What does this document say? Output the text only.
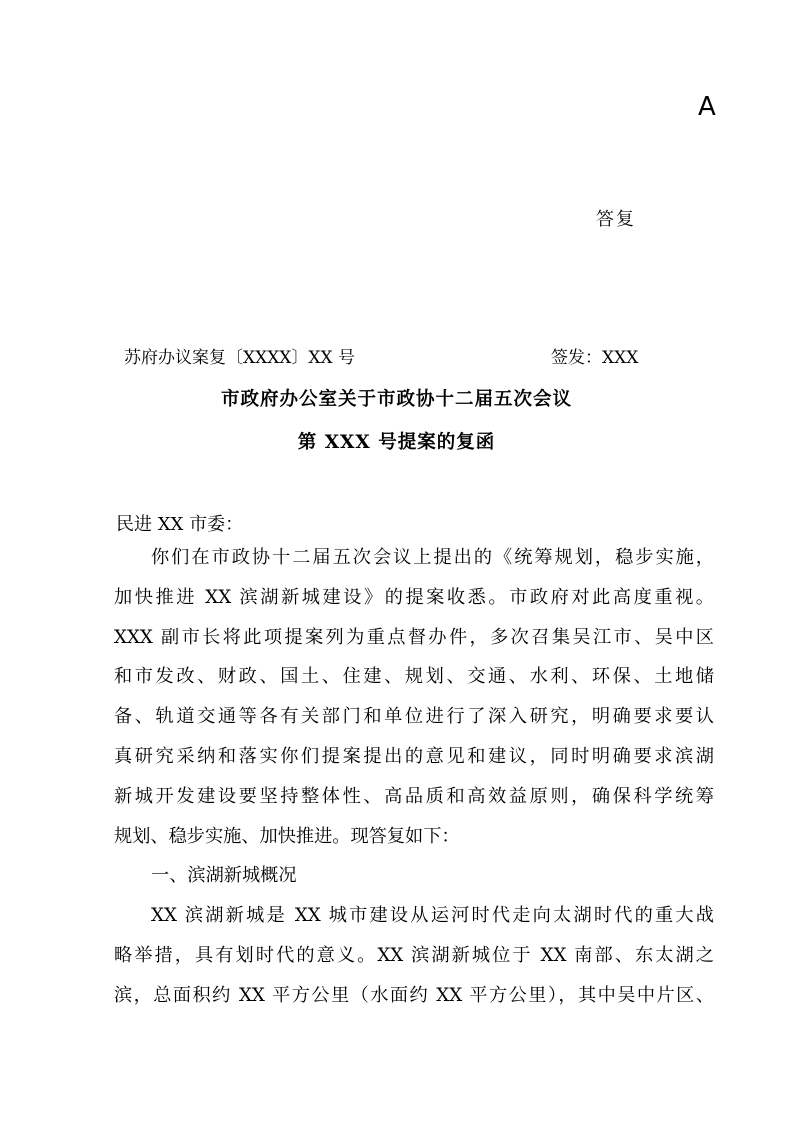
A
答复
苏府办议案复〔XXXX〕XX 号	签发：XXX
市政府办公室关于市政协十二届五次会议
第 XXX 号提案的复函
民进 XX 市委：
你们在市政协十二届五次会议上提出的《统筹规划，稳步实施，
加快推进 XX 滨湖新城建设》的提案收悉。市政府对此高度重视。
XXX 副市长将此项提案列为重点督办件，多次召集吴江市、吴中区
和市发改、财政、国土、住建、规划、交通、水利、环保、土地储
备、轨道交通等各有关部门和单位进行了深入研究，明确要求要认
真研究采纳和落实你们提案提出的意见和建议，同时明确要求滨湖
新城开发建设要坚持整体性、高品质和高效益原则，确保科学统筹
规划、稳步实施、加快推进。现答复如下：
一、滨湖新城概况
XX 滨湖新城是 XX 城市建设从运河时代走向太湖时代的重大战
略举措，具有划时代的意义。XX 滨湖新城位于 XX 南部、东太湖之
滨，总面积约 XX 平方公里（水面约 XX 平方公里），其中吴中片区、
